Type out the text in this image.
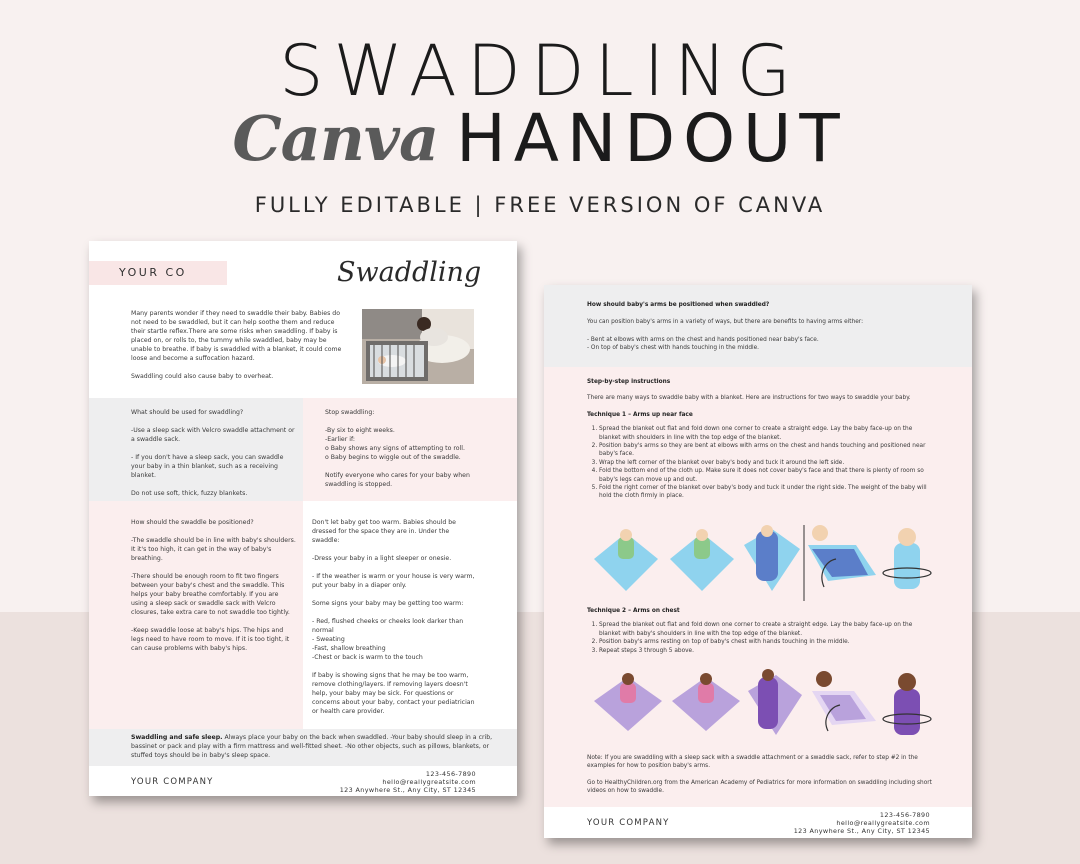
SWADDLING
Canva HANDOUT
FULLY EDITABLE | FREE VERSION OF CANVA
YOUR CO	Swaddling
Many parents wonder if they need to swaddle their baby. Babies do not need to be swaddled, but it can help soothe them and reduce their startle reflex.There are some risks when swaddling. If baby is placed on, or rolls to, the tummy while swaddled, baby may be unable to breathe. If baby is swaddled with a blanket, it could come loose and become a suffocation hazard.
Swaddling could also cause baby to overheat.
What should be used for swaddling?
-Use a sleep sack with Velcro swaddle attachment or a swaddle sack.
- If you don't have a sleep sack, you can swaddle your baby in a thin blanket, such as a receiving blanket.
Do not use soft, thick, fuzzy blankets.
Stop swaddling:
-By six to eight weeks.
-Earlier if:
o Baby shows any signs of attempting to roll.
o Baby begins to wiggle out of the swaddle.
Notify everyone who cares for your baby when swaddling is stopped.
How should the swaddle be positioned?
-The swaddle should be in line with baby's shoulders. It it's too high, it can get in the way of baby's breathing.
-There should be enough room to fit two fingers between your baby's chest and the swaddle. This helps your baby breathe comfortably. If you are using a sleep sack or swaddle sack with Velcro closures, take extra care to not swaddle too tightly.
-Keep swaddle loose at baby's hips. The hips and legs need to have room to move. If it is too tight, it can cause problems with baby's hips.
Don't let baby get too warm. Babies should be dressed for the space they are in. Under the swaddle:
-Dress your baby in a light sleeper or onesie.
- If the weather is warm or your house is very warm, put your baby in a diaper only.
Some signs your baby may be getting too warm:
- Red, flushed cheeks or cheeks look darker than normal
- Sweating
-Fast, shallow breathing
-Chest or back is warm to the touch
If baby is showing signs that he may be too warm, remove clothing/layers. If removing layers doesn't help, your baby may be sick. For questions or concerns about your baby, contact your pediatrician or health care provider.
Swaddling and safe sleep. Always place your baby on the back when swaddled. -Your baby should sleep in a crib, bassinet or pack and play with a firm mattress and well-fitted sheet. -No other objects, such as pillows, blankets, or stuffed toys should be in baby's sleep space.
YOUR COMPANY
123-456-7890
hello@reallygreatsite.com
123 Anywhere St., Any City, ST 12345
How should baby's arms be positioned when swaddled?
You can position baby's arms in a variety of ways, but there are benefits to having arms either:
- Bent at elbows with arms on the chest and hands positioned near baby's face.
- On top of baby's chest with hands touching in the middle.
Step-by-step instructions
There are many ways to swaddle baby with a blanket. Here are instructions for two ways to swaddle your baby.
Technique 1 – Arms up near face
1. Spread the blanket out flat and fold down one corner to create a straight edge. Lay the baby face-up on the blanket with shoulders in line with the top edge of the blanket.
2. Position baby's arms so they are bent at elbows with arms on the chest and hands touching and positioned near baby's face.
3. Wrap the left corner of the blanket over baby's body and tuck it around the left side.
4. Fold the bottom end of the cloth up. Make sure it does not cover baby's face and that there is plenty of room so baby's legs can move up and out.
5. Fold the right corner of the blanket over baby's body and tuck it under the right side. The weight of the baby will hold the cloth firmly in place.
Technique 2 – Arms on chest
1. Spread the blanket out flat and fold down one corner to create a straight edge. Lay the baby face-up on the blanket with baby's shoulders in line with the top edge of the blanket.
2. Position baby's arms resting on top of baby's chest with hands touching in the middle.
3. Repeat steps 3 through 5 above.
Note: If you are swaddling with a sleep sack with a swaddle attachment or a swaddle sack, refer to step #2 in the examples for how to position baby's arms.
Go to HealthyChildren.org from the American Academy of Pediatrics for more information on swaddling including short videos on how to swaddle.
YOUR COMPANY
123-456-7890
hello@reallygreatsite.com
123 Anywhere St., Any City, ST 12345
